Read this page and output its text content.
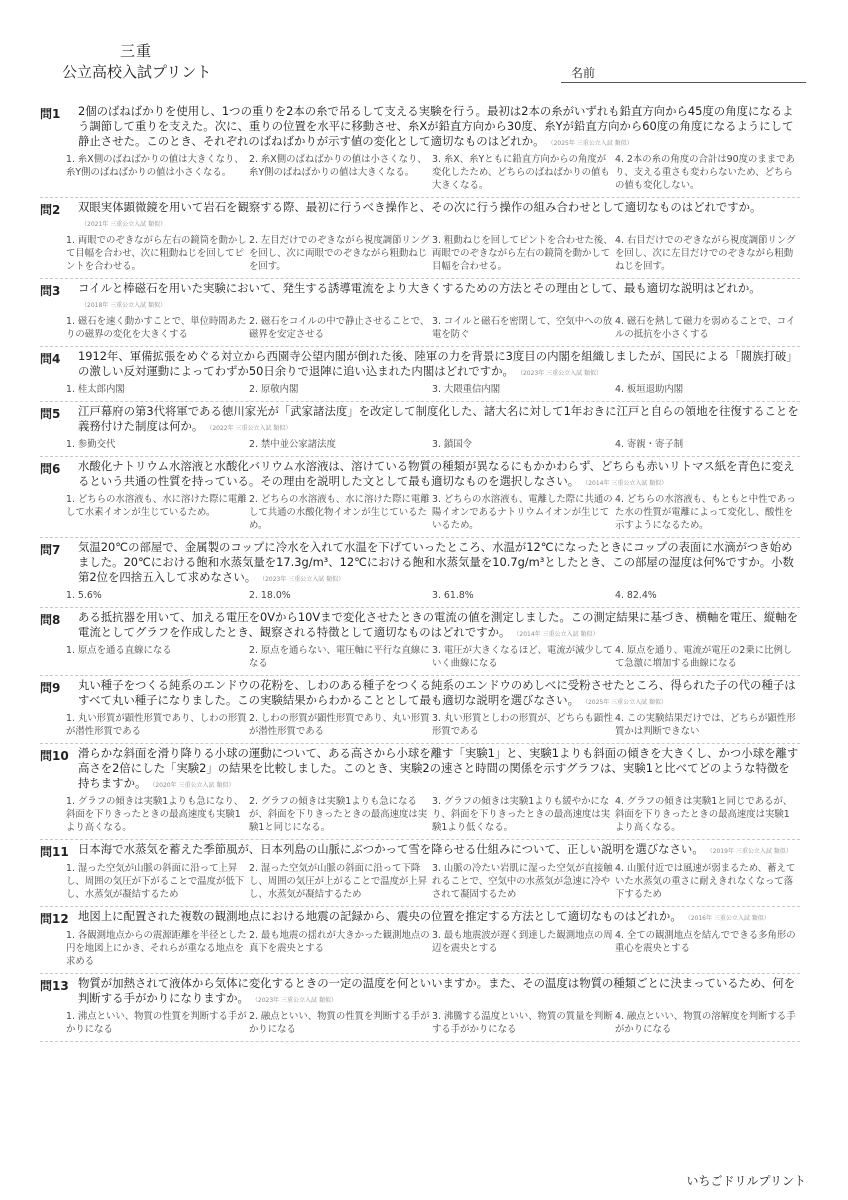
三重
公立高校入試プリント	名前
問1	2個のばねばかりを使用し、1つの重りを2本の糸で吊るして支える実験を行う。最初は2本の糸がいずれも鉛直方向から45度の角度になるよう調節して重りを支えた。次に、重りの位置を水平に移動させ、糸Xが鉛直方向から30度、糸Yが鉛直方向から60度の角度になるようにして静止させた。このとき、それぞれのばねばかりが示す値の変化として適切なものはどれか。 （2025年 三重公立入試 類似）
1. 糸X側のばねばかりの値は大きくなり、糸Y側のばねばかりの値は小さくなる。
2. 糸X側のばねばかりの値は小さくなり、糸Y側のばねばかりの値は大きくなる。
3. 糸X、糸Yともに鉛直方向からの角度が変化したため、どちらのばねばかりの値も大きくなる。
4. 2本の糸の角度の合計は90度のままであり、支える重さも変わらないため、どちらの値も変化しない。
問2	双眼実体顕微鏡を用いて岩石を観察する際、最初に行うべき操作と、その次に行う操作の組み合わせとして適切なものはどれですか。（2021年 三重公立入試 類似）
1. 両眼でのぞきながら左右の鏡筒を動かして目幅を合わせ、次に粗動ねじを回してピントを合わせる。
2. 左目だけでのぞきながら視度調節リングを回し、次に両眼でのぞきながら粗動ねじを回す。
3. 粗動ねじを回してピントを合わせた後、両眼でのぞきながら左右の鏡筒を動かして目幅を合わせる。
4. 右目だけでのぞきながら視度調節リングを回し、次に左目だけでのぞきながら粗動ねじを回す。
問3	コイルと棒磁石を用いた実験において、発生する誘導電流をより大きくするための方法とその理由として、最も適切な説明はどれか。（2018年 三重公立入試 類似）
1. 磁石を速く動かすことで、単位時間あたりの磁界の変化を大きくする
2. 磁石をコイルの中で静止させることで、磁界を安定させる
3. コイルと磁石を密閉して、空気中への放電を防ぐ
4. 磁石を熱して磁力を弱めることで、コイルの抵抗を小さくする
問4	1912年、軍備拡張をめぐる対立から西園寺公望内閣が倒れた後、陸軍の力を背景に3度目の内閣を組織しましたが、国民による「閥族打破」の激しい反対運動によってわずか50日余りで退陣に追い込まれた内閣はどれですか。 （2023年 三重公立入試 類似）
1. 桂太郎内閣	2. 原敬内閣	3. 大隈重信内閣	4. 板垣退助内閣
問5	江戸幕府の第3代将軍である徳川家光が「武家諸法度」を改定して制度化した、諸大名に対して1年おきに江戸と自らの領地を往復することを義務付けた制度は何か。 （2022年 三重公立入試 類似）
1. 参勤交代	2. 禁中並公家諸法度	3. 鎖国令	4. 寄親・寄子制
問6	水酸化ナトリウム水溶液と水酸化バリウム水溶液は、溶けている物質の種類が異なるにもかかわらず、どちらも赤いリトマス紙を青色に変えるという共通の性質を持っている。その理由を説明した文として最も適切なものを選択しなさい。 （2014年 三重公立入試 類似）
1. どちらの水溶液も、水に溶けた際に電離して水素イオンが生じているため。
2. どちらの水溶液も、水に溶けた際に電離して共通の水酸化物イオンが生じているため。
3. どちらの水溶液も、電離した際に共通の陽イオンであるナトリウムイオンが生じているため。
4. どちらの水溶液も、もともと中性であった水の性質が電離によって変化し、酸性を示すようになるため。
問7	気温20℃の部屋で、金属製のコップに冷水を入れて水温を下げていったところ、水温が12℃になったときにコップの表面に水滴がつき始めました。20℃における飽和水蒸気量を17.3g/m³、12℃における飽和水蒸気量を10.7g/m³としたとき、この部屋の湿度は何%ですか。小数第2位を四捨五入して求めなさい。 （2023年 三重公立入試 類似）
1. 5.6%	2. 18.0%	3. 61.8%	4. 82.4%
問8	ある抵抗器を用いて、加える電圧を0Vから10Vまで変化させたときの電流の値を測定しました。この測定結果に基づき、横軸を電圧、縦軸を電流としてグラフを作成したとき、観察される特徴として適切なものはどれですか。 （2014年 三重公立入試 類似）
1. 原点を通る直線になる	2. 原点を通らない、電圧軸に平行な直線になる
3. 電圧が大きくなるほど、電流が減少していく曲線になる
4. 原点を通り、電流が電圧の2乗に比例して急激に増加する曲線になる
問9	丸い種子をつくる純系のエンドウの花粉を、しわのある種子をつくる純系のエンドウのめしべに受粉させたところ、得られた子の代の種子はすべて丸い種子になりました。この実験結果からわかることとして最も適切な説明を選びなさい。 （2025年 三重公立入試 類似）
1. 丸い形質が顕性形質であり、しわの形質が潜性形質である
2. しわの形質が顕性形質であり、丸い形質が潜性形質である
3. 丸い形質としわの形質が、どちらも顕性形質である
4. この実験結果だけでは、どちらが顕性形質かは判断できない
問10 滑らかな斜面を滑り降りる小球の運動について、ある高さから小球を離す「実験1」と、実験1よりも斜面の傾きを大きくし、かつ小球を離す高さを2倍にした「実験2」の結果を比較しました。このとき、実験2の速さと時間の関係を示すグラフは、実験1と比べてどのような特徴を持ちますか。 （2020年 三重公立入試 類似）
1. グラフの傾きは実験1よりも急になり、斜面を下りきったときの最高速度も実験1より高くなる。
2. グラフの傾きは実験1よりも急になるが、斜面を下りきったときの最高速度は実験1と同じになる。
3. グラフの傾きは実験1よりも緩やかになり、斜面を下りきったときの最高速度は実験1より低くなる。
4. グラフの傾きは実験1と同じであるが、斜面を下りきったときの最高速度は実験1より高くなる。
問11 日本海で水蒸気を蓄えた季節風が、日本列島の山脈にぶつかって雪を降らせる仕組みについて、正しい説明を選びなさい。 （2019年 三重公立入試 類似）
1. 湿った空気が山脈の斜面に沿って上昇し、周囲の気圧が下がることで温度が低下し、水蒸気が凝結するため
2. 湿った空気が山脈の斜面に沿って下降し、周囲の気圧が上がることで温度が上昇し、水蒸気が凝結するため
3. 山脈の冷たい岩肌に湿った空気が直接触れることで、空気中の水蒸気が急速に冷やされて凝固するため
4. 山脈付近では風速が弱まるため、蓄えていた水蒸気の重さに耐えきれなくなって落下するため
問12 地図上に配置された複数の観測地点における地震の記録から、震央の位置を推定する方法として適切なものはどれか。 （2016年 三重公立入試 類似）
1. 各観測地点からの震源距離を半径とした円を地図上にかき、それらが重なる地点を求める
2. 最も地震の揺れが大きかった観測地点の真下を震央とする
3. 最も地震波が遅く到達した観測地点の周辺を震央とする
4. 全ての観測地点を結んでできる多角形の重心を震央とする
問13 物質が加熱されて液体から気体に変化するときの一定の温度を何といいますか。また、その温度は物質の種類ごとに決まっているため、何を判断する手がかりになりますか。 （2023年 三重公立入試 類似）
1. 沸点といい、物質の性質を判断する手がかりになる
2. 融点といい、物質の性質を判断する手がかりになる
3. 沸騰する温度といい、物質の質量を判断する手がかりになる
4. 融点といい、物質の溶解度を判断する手がかりになる
いちごドリルプリント
